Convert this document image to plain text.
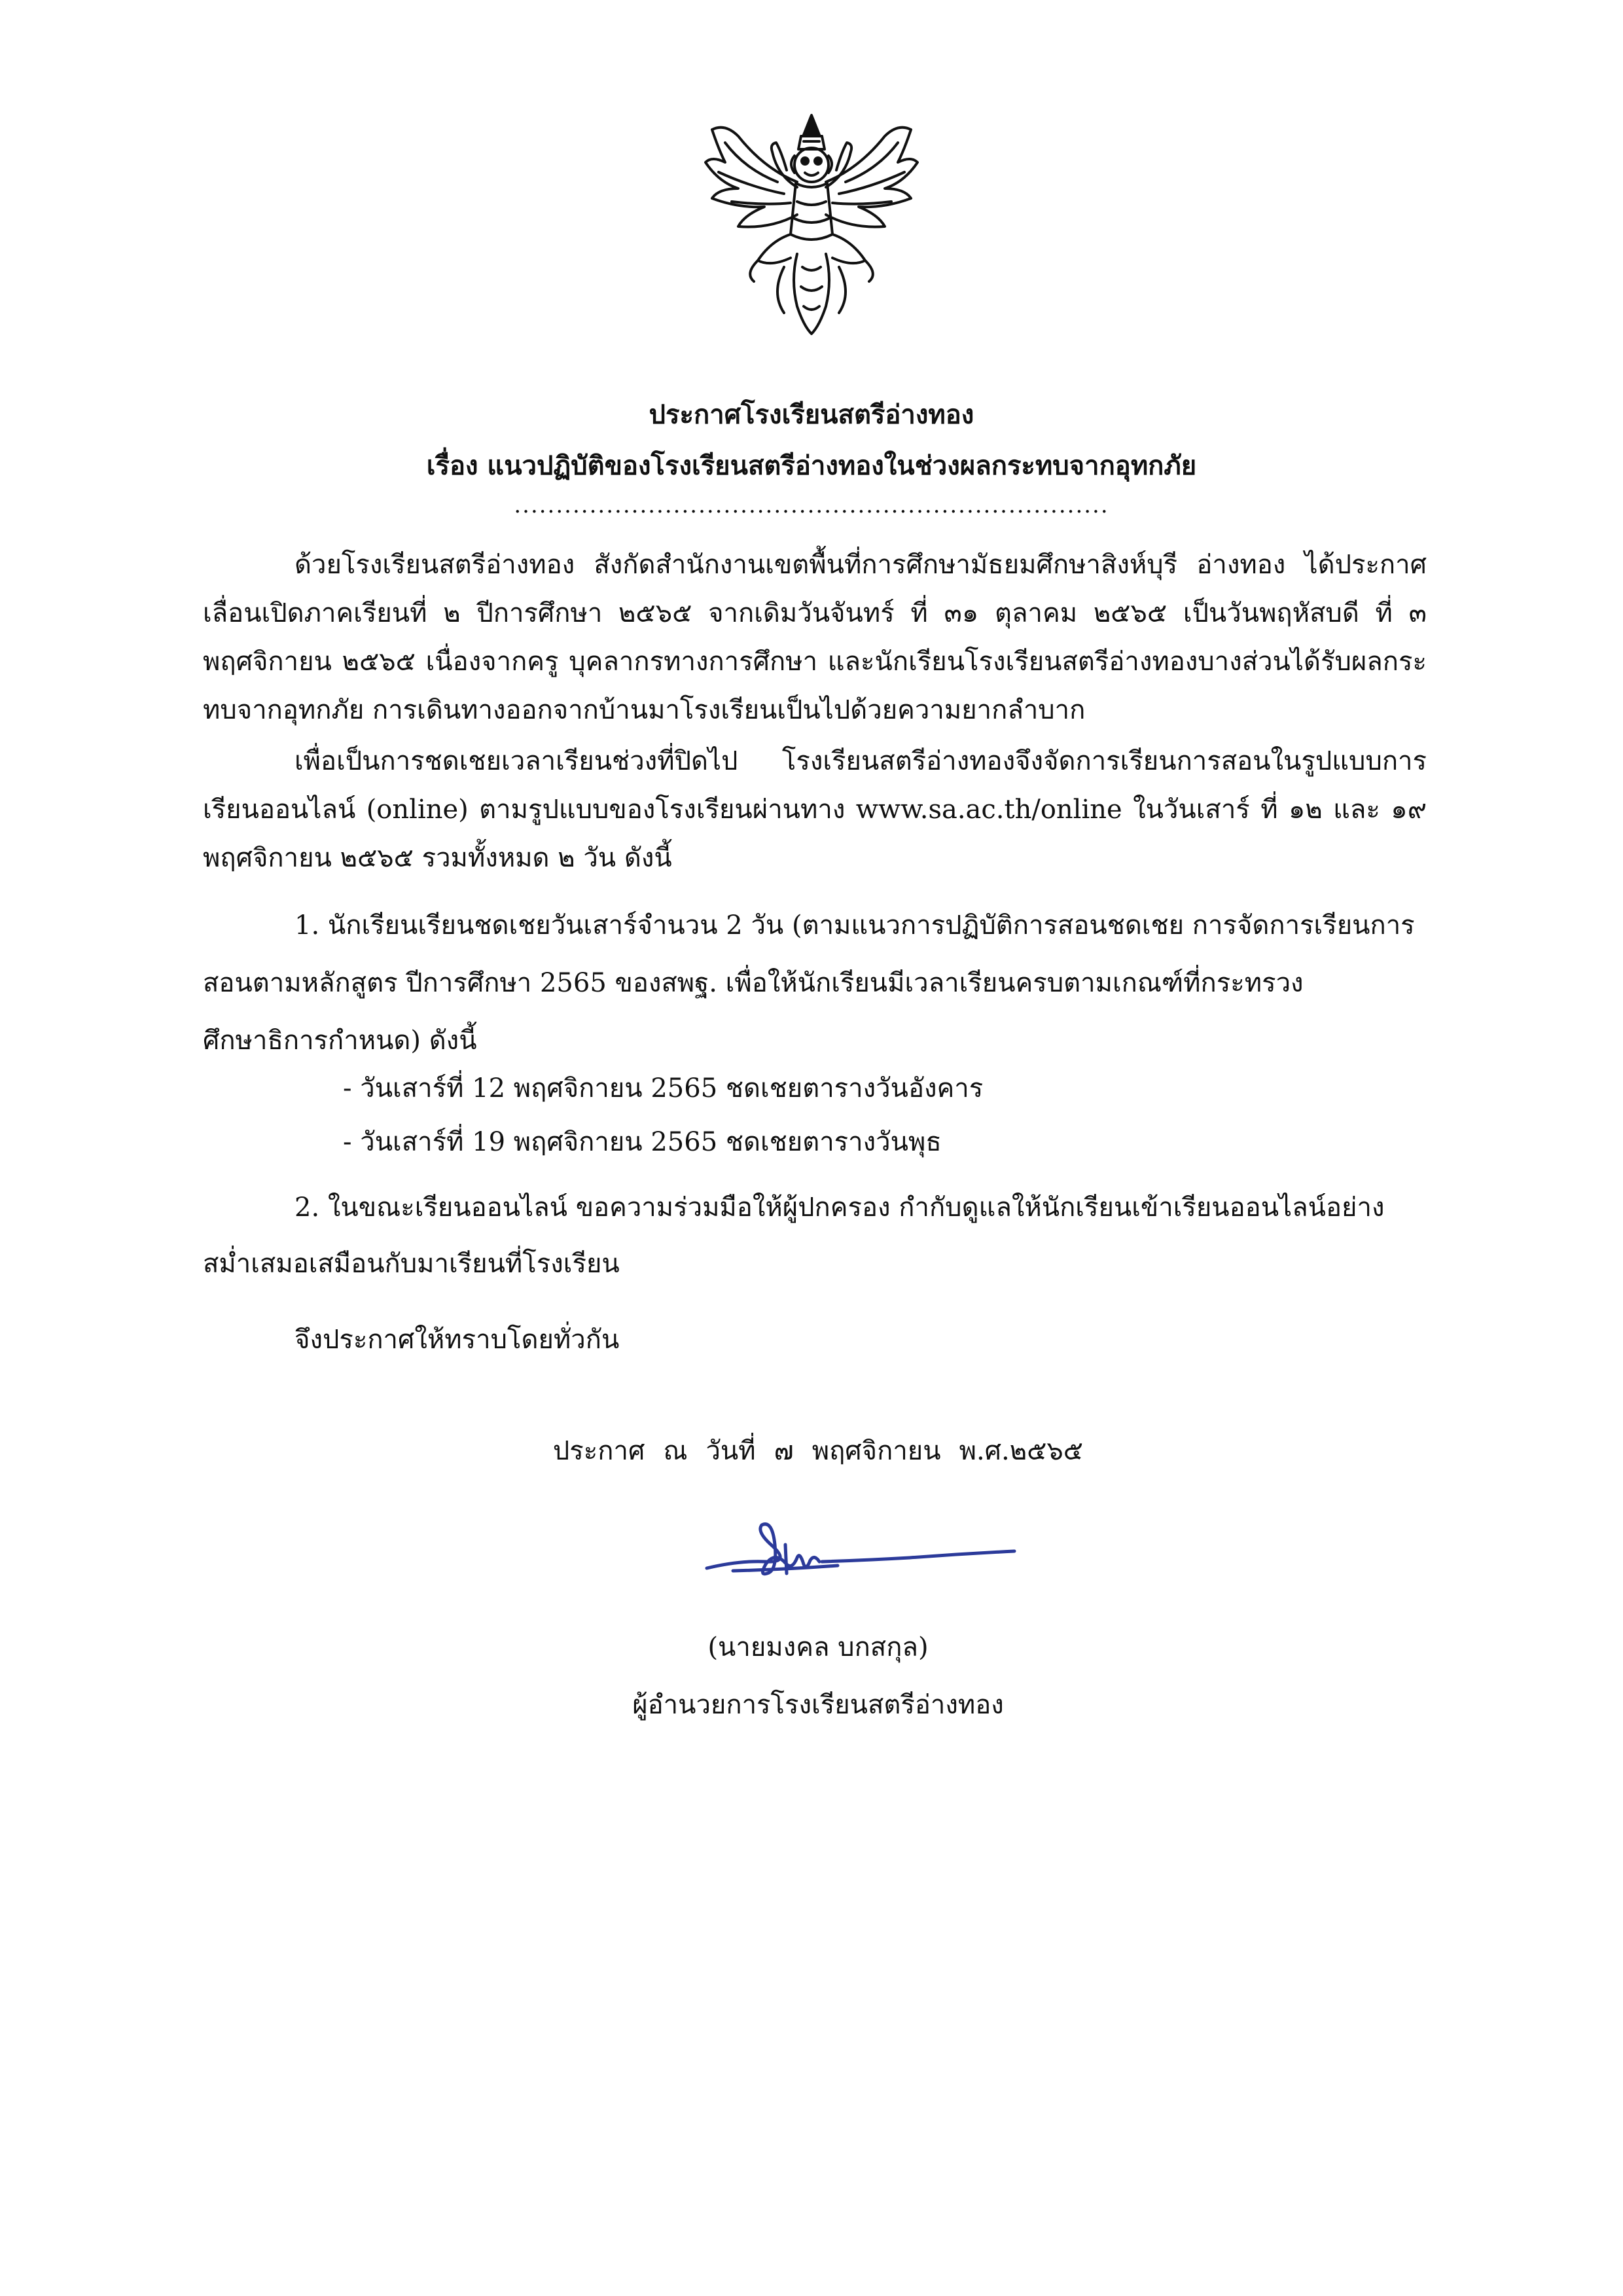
ประกาศโรงเรียนสตรีอ่างทอง
เรื่อง แนวปฏิบัติของโรงเรียนสตรีอ่างทองในช่วงผลกระทบจากอุทกภัย
.......................................................................
ด้วยโรงเรียนสตรีอ่างทอง สังกัดสำนักงานเขตพื้นที่การศึกษามัธยมศึกษาสิงห์บุรี อ่างทอง ได้ประกาศเลื่อนเปิดภาคเรียนที่ ๒ ปีการศึกษา ๒๕๖๕ จากเดิมวันจันทร์ ที่ ๓๑ ตุลาคม ๒๕๖๕ เป็นวันพฤหัสบดี ที่ ๓ พฤศจิกายน ๒๕๖๕ เนื่องจากครู บุคลากรทางการศึกษา และนักเรียนโรงเรียนสตรีอ่างทองบางส่วนได้รับผลกระทบจากอุทกภัย การเดินทางออกจากบ้านมาโรงเรียนเป็นไปด้วยความยากลำบาก
เพื่อเป็นการชดเชยเวลาเรียนช่วงที่ปิดไป โรงเรียนสตรีอ่างทองจึงจัดการเรียนการสอนในรูปแบบการเรียนออนไลน์ (online) ตามรูปแบบของโรงเรียนผ่านทาง www.sa.ac.th/online ในวันเสาร์ ที่ ๑๒ และ ๑๙ พฤศจิกายน ๒๕๖๕ รวมทั้งหมด ๒ วัน ดังนี้
1. นักเรียนเรียนชดเชยวันเสาร์จำนวน 2 วัน (ตามแนวการปฏิบัติการสอนชดเชย การจัดการเรียนการสอนตามหลักสูตร ปีการศึกษา 2565 ของสพฐ. เพื่อให้นักเรียนมีเวลาเรียนครบตามเกณฑ์ที่กระทรวงศึกษาธิการกำหนด) ดังนี้
- วันเสาร์ที่ 12 พฤศจิกายน 2565 ชดเชยตารางวันอังคาร
- วันเสาร์ที่ 19 พฤศจิกายน 2565 ชดเชยตารางวันพุธ
2. ในขณะเรียนออนไลน์ ขอความร่วมมือให้ผู้ปกครอง กำกับดูแลให้นักเรียนเข้าเรียนออนไลน์อย่างสม่ำเสมอเสมือนกับมาเรียนที่โรงเรียน
จึงประกาศให้ทราบโดยทั่วกัน
ประกาศ ณ วันที่ ๗ พฤศจิกายน พ.ศ.๒๕๖๕
(นายมงคล บกสกุล)
ผู้อำนวยการโรงเรียนสตรีอ่างทอง
